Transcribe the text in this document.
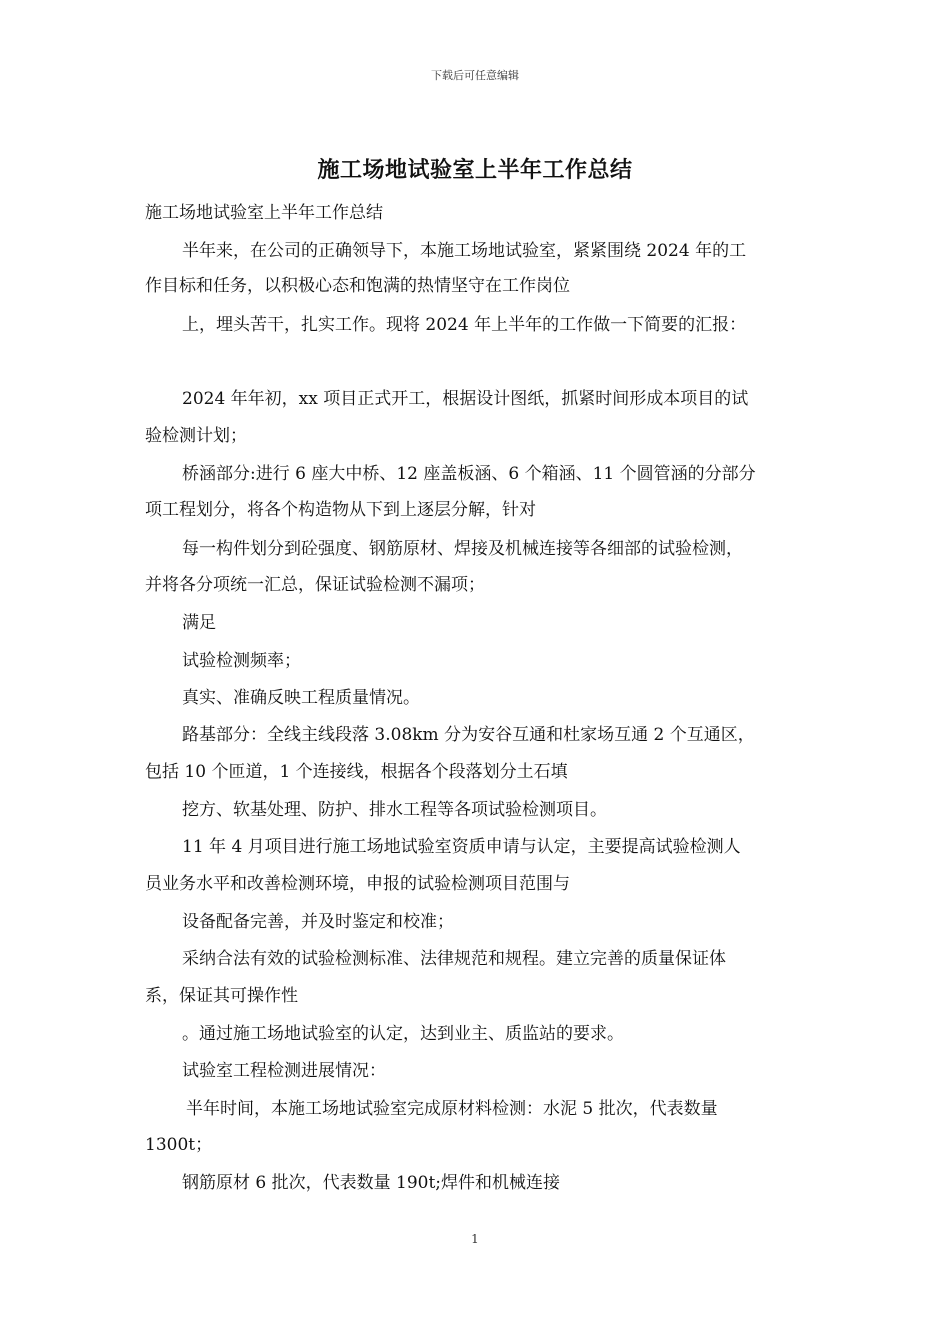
下载后可任意编辑
施工场地试验室上半年工作总结
施工场地试验室上半年工作总结
半年来，在公司的正确领导下，本施工场地试验室，紧紧围绕 2024 年的工
作目标和任务，以积极心态和饱满的热情坚守在工作岗位
上，埋头苦干，扎实工作。现将 2024 年上半年的工作做一下简要的汇报：
2024 年年初，xx 项目正式开工，根据设计图纸，抓紧时间形成本项目的试
验检测计划；
桥涵部分:进行 6 座大中桥、12 座盖板涵、6 个箱涵、11 个圆管涵的分部分
项工程划分，将各个构造物从下到上逐层分解，针对
每一构件划分到砼强度、钢筋原材、焊接及机械连接等各细部的试验检测，
并将各分项统一汇总，保证试验检测不漏项；
满足
试验检测频率；
真实、准确反映工程质量情况。
路基部分：全线主线段落 3.08km 分为安谷互通和杜家场互通 2 个互通区，
包括 10 个匝道，1 个连接线，根据各个段落划分土石填
挖方、软基处理、防护、排水工程等各项试验检测项目。
11 年 4 月项目进行施工场地试验室资质申请与认定，主要提高试验检测人
员业务水平和改善检测环境，申报的试验检测项目范围与
设备配备完善，并及时鉴定和校准；
采纳合法有效的试验检测标准、法律规范和规程。建立完善的质量保证体
系，保证其可操作性
。通过施工场地试验室的认定，达到业主、质监站的要求。
试验室工程检测进展情况：
半年时间，本施工场地试验室完成原材料检测：水泥 5 批次，代表数量
1300t；
钢筋原材 6 批次，代表数量 190t;焊件和机械连接
1
